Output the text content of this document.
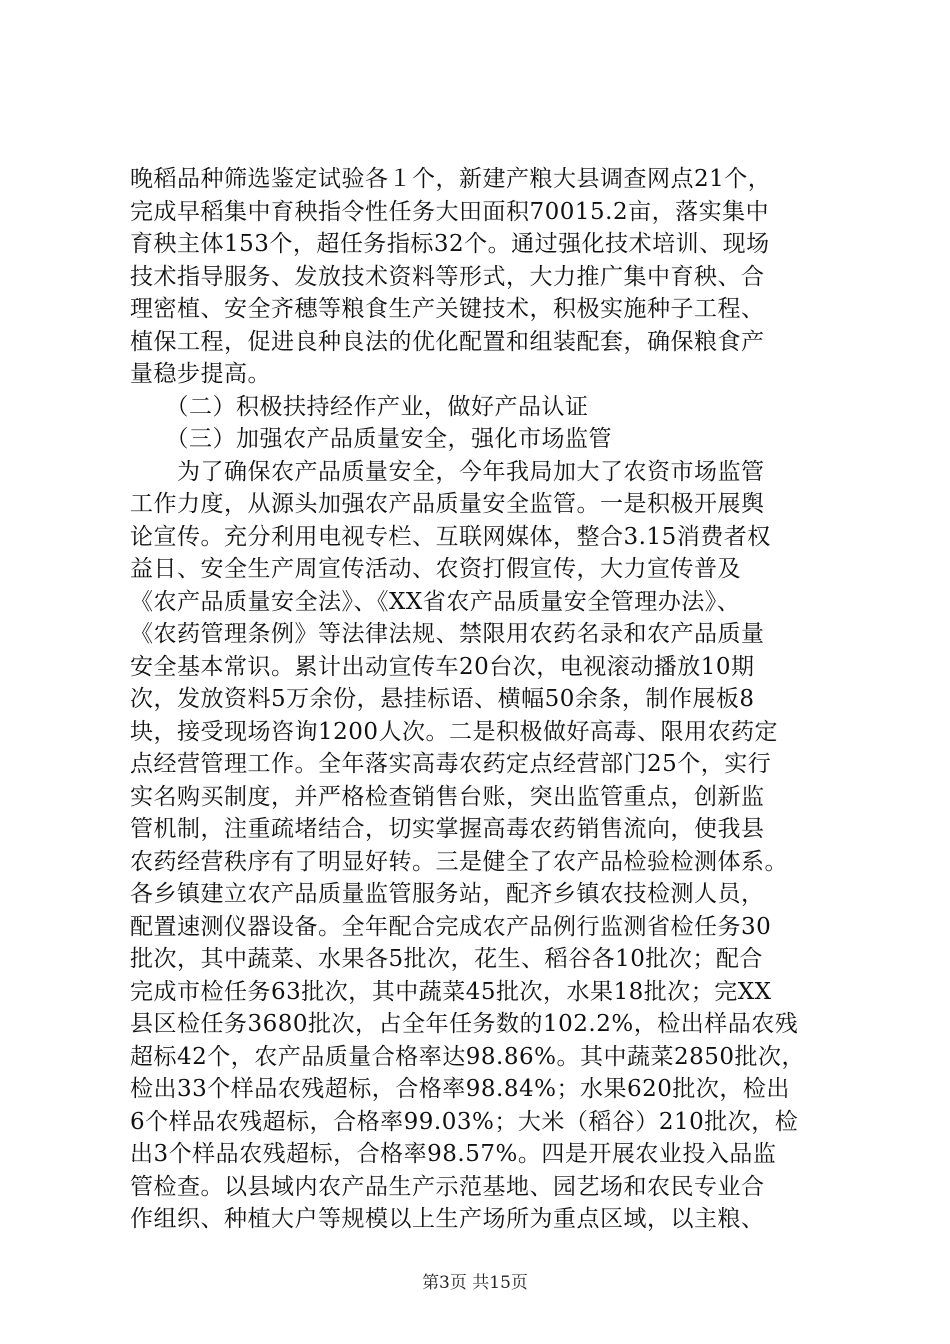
晚稻品种筛选鉴定试验各１个，新建产粮大县调查网点21个，
完成早稻集中育秧指令性任务大田面积70015.2亩，落实集中
育秧主体153个，超任务指标32个。通过强化技术培训、现场
技术指导服务、发放技术资料等形式，大力推广集中育秧、合
理密植、安全齐穗等粮食生产关键技术，积极实施种子工程、
植保工程，促进良种良法的优化配置和组装配套，确保粮食产
量稳步提高。
　　（二）积极扶持经作产业，做好产品认证
　　（三）加强农产品质量安全，强化市场监管
　　为了确保农产品质量安全，今年我局加大了农资市场监管
工作力度，从源头加强农产品质量安全监管。一是积极开展舆
论宣传。充分利用电视专栏、互联网媒体，整合3.15消费者权
益日、安全生产周宣传活动、农资打假宣传，大力宣传普及
《农产品质量安全法》、《XX省农产品质量安全管理办法》、
《农药管理条例》等法律法规、禁限用农药名录和农产品质量
安全基本常识。累计出动宣传车20台次，电视滚动播放10期
次，发放资料5万余份，悬挂标语、横幅50余条，制作展板8
块，接受现场咨询1200人次。二是积极做好高毒、限用农药定
点经营管理工作。全年落实高毒农药定点经营部门25个，实行
实名购买制度，并严格检查销售台账，突出监管重点，创新监
管机制，注重疏堵结合，切实掌握高毒农药销售流向，使我县
农药经营秩序有了明显好转。三是健全了农产品检验检测体系。
各乡镇建立农产品质量监管服务站，配齐乡镇农技检测人员，
配置速测仪器设备。全年配合完成农产品例行监测省检任务30
批次，其中蔬菜、水果各5批次，花生、稻谷各10批次；配合
完成市检任务63批次，其中蔬菜45批次，水果18批次；完XX
县区检任务3680批次，占全年任务数的102.2%，检出样品农残
超标42个，农产品质量合格率达98.86%。其中蔬菜2850批次，
检出33个样品农残超标，合格率98.84%；水果620批次，检出
6个样品农残超标，合格率99.03%；大米（稻谷）210批次，检
出3个样品农残超标，合格率98.57%。四是开展农业投入品监
管检查。以县域内农产品生产示范基地、园艺场和农民专业合
作组织、种植大户等规模以上生产场所为重点区域，以主粮、
第3页 共15页
